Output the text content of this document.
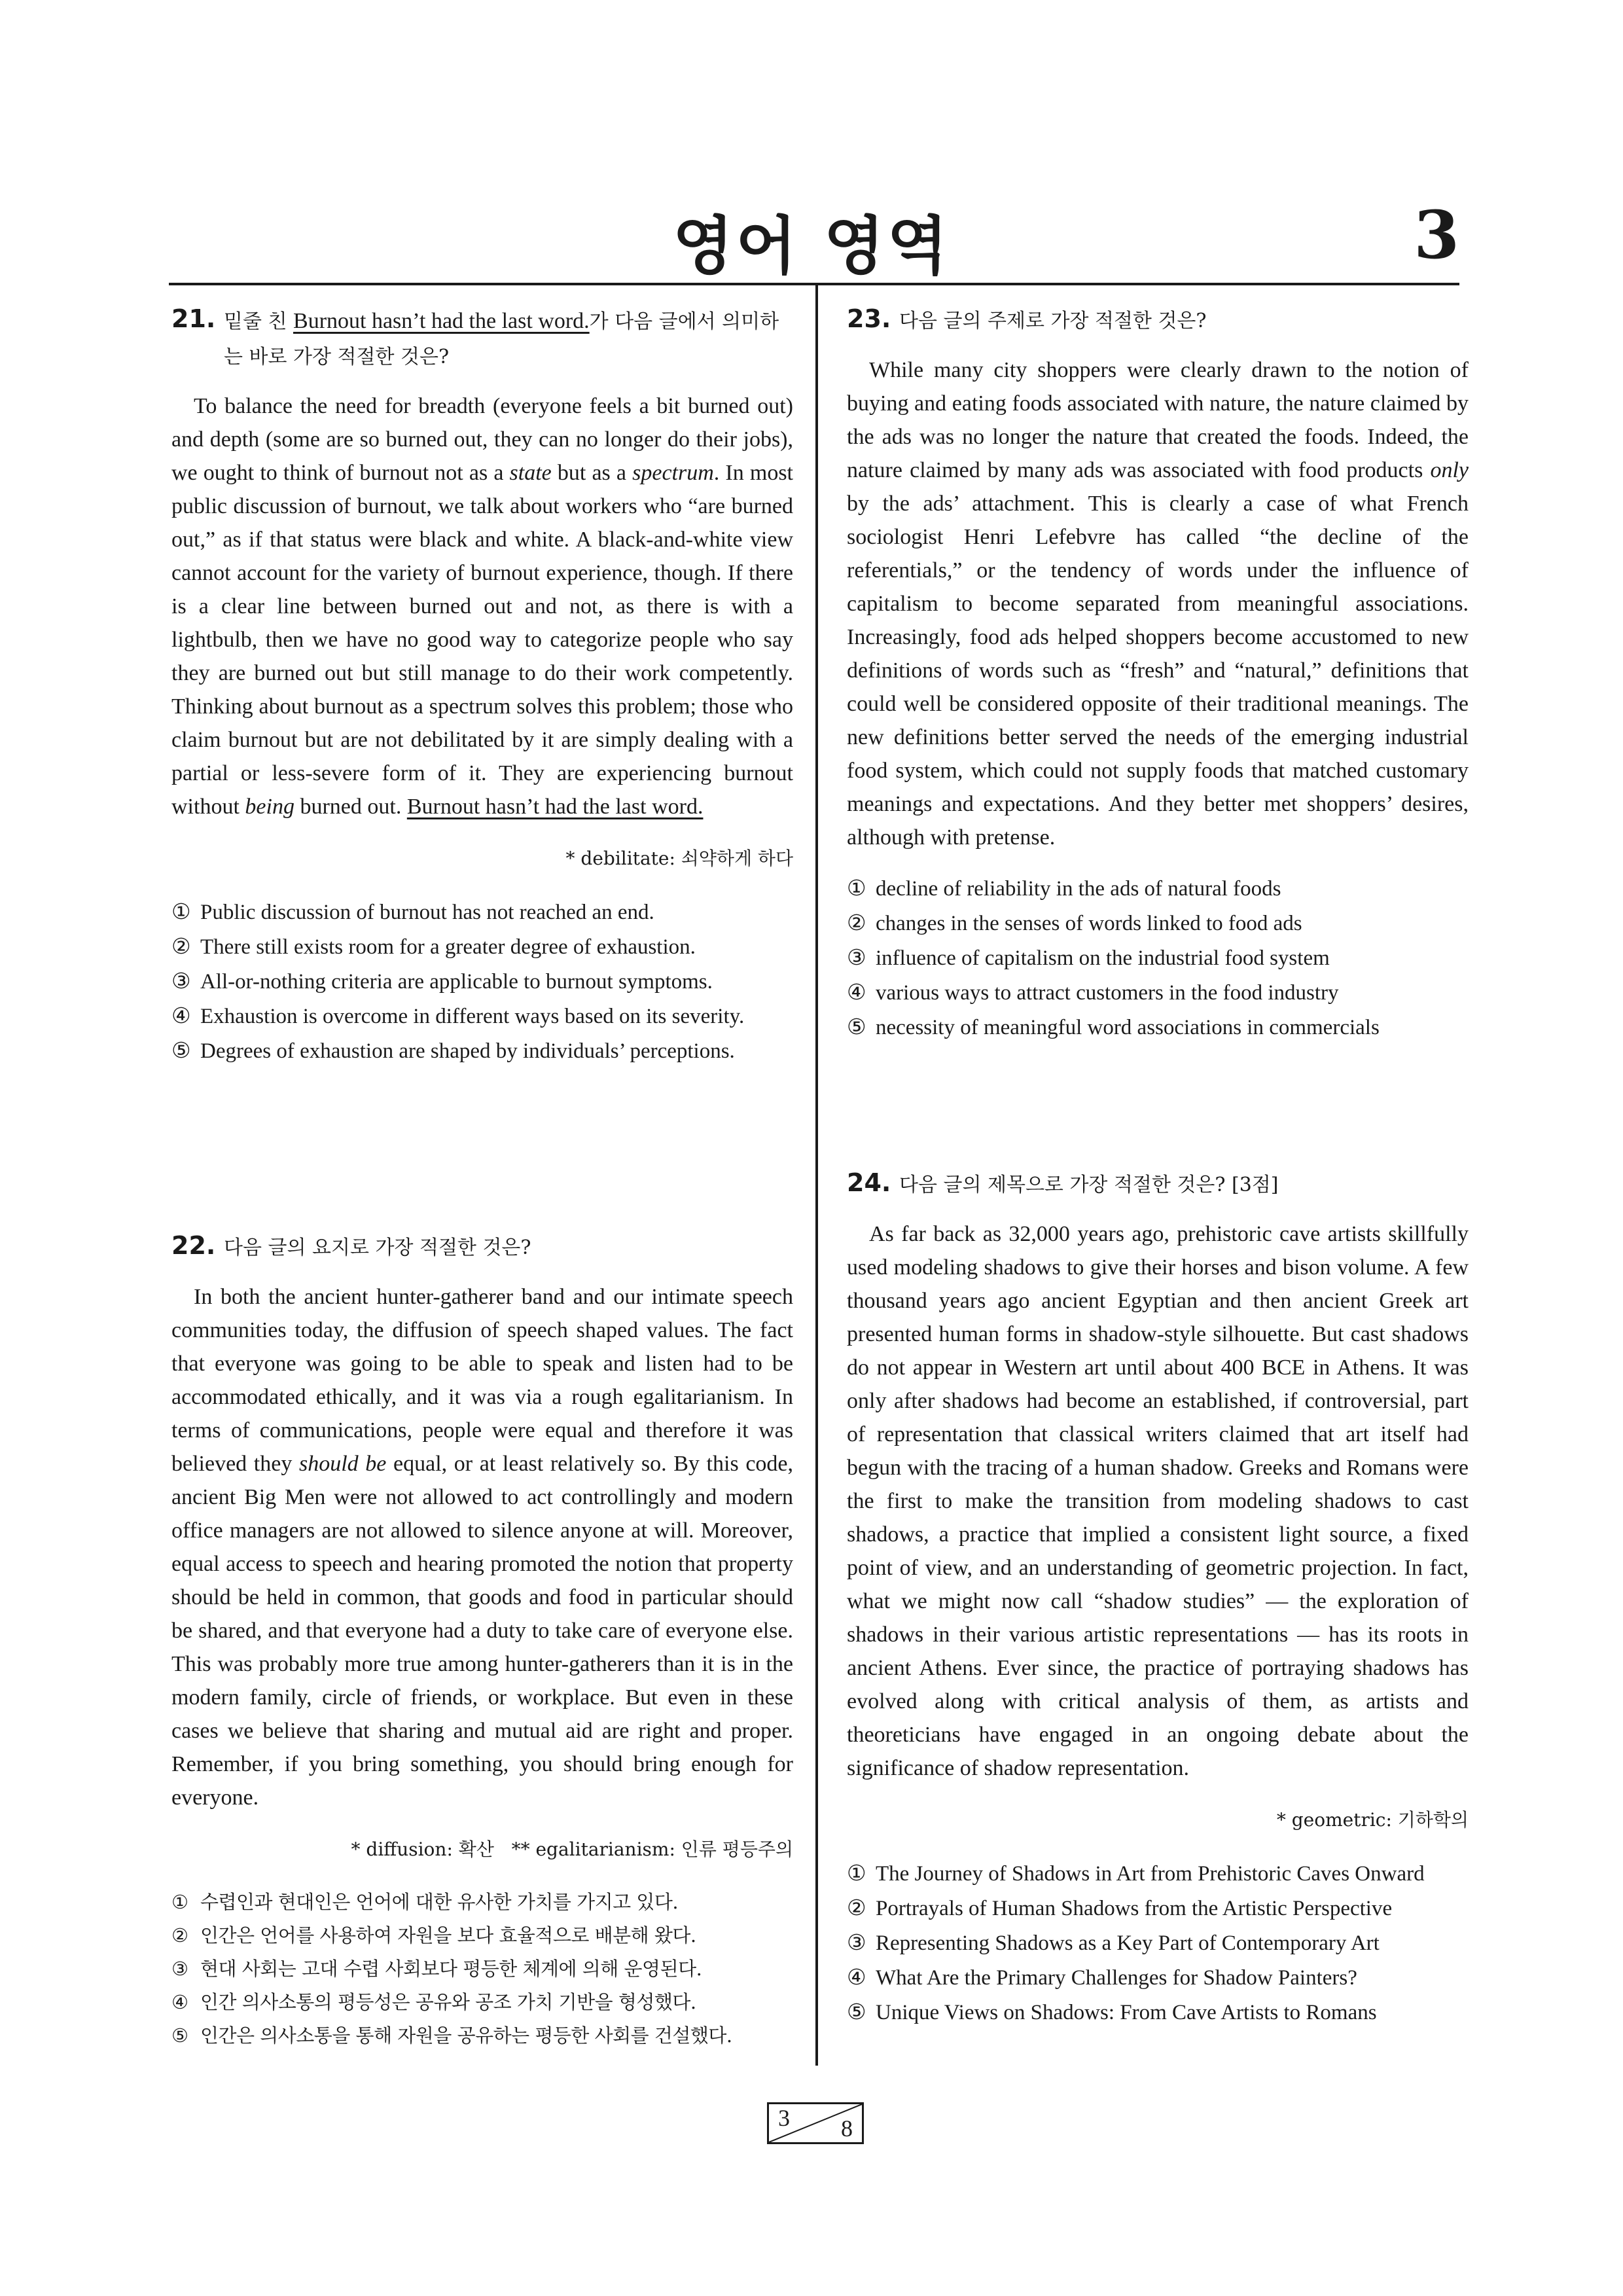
영어 영역	3
21. 밑줄 친 Burnout hasn’t had the last word.가 다음 글에서 의미하는 바로 가장 적절한 것은?
To balance the need for breadth (everyone feels a bit burned out) and depth (some are so burned out, they can no longer do their jobs), we ought to think of burnout not as a state but as a spectrum. In most public discussion of burnout, we talk about workers who “are burned out,” as if that status were black and white. A black-and-white view cannot account for the variety of burnout experience, though. If there is a clear line between burned out and not, as there is with a lightbulb, then we have no good way to categorize people who say they are burned out but still manage to do their work competently. Thinking about burnout as a spectrum solves this problem; those who claim burnout but are not debilitated by it are simply dealing with a partial or less-severe form of it. They are experiencing burnout without being burned out. Burnout hasn’t had the last word.
* debilitate: 쇠약하게 하다
① Public discussion of burnout has not reached an end.
② There still exists room for a greater degree of exhaustion.
③ All-or-nothing criteria are applicable to burnout symptoms.
④ Exhaustion is overcome in different ways based on its severity.
⑤ Degrees of exhaustion are shaped by individuals’ perceptions.
22. 다음 글의 요지로 가장 적절한 것은?
In both the ancient hunter-gatherer band and our intimate speech communities today, the diffusion of speech shaped values. The fact that everyone was going to be able to speak and listen had to be accommodated ethically, and it was via a rough egalitarianism. In terms of communications, people were equal and therefore it was believed they should be equal, or at least relatively so. By this code, ancient Big Men were not allowed to act controllingly and modern office managers are not allowed to silence anyone at will. Moreover, equal access to speech and hearing promoted the notion that property should be held in common, that goods and food in particular should be shared, and that everyone had a duty to take care of everyone else. This was probably more true among hunter-gatherers than it is in the modern family, circle of friends, or workplace. But even in these cases we believe that sharing and mutual aid are right and proper. Remember, if you bring something, you should bring enough for everyone.
* diffusion: 확산   ** egalitarianism: 인류 평등주의
① 수렵인과 현대인은 언어에 대한 유사한 가치를 가지고 있다.
② 인간은 언어를 사용하여 자원을 보다 효율적으로 배분해 왔다.
③ 현대 사회는 고대 수렵 사회보다 평등한 체계에 의해 운영된다.
④ 인간 의사소통의 평등성은 공유와 공조 가치 기반을 형성했다.
⑤ 인간은 의사소통을 통해 자원을 공유하는 평등한 사회를 건설했다.
23. 다음 글의 주제로 가장 적절한 것은?
While many city shoppers were clearly drawn to the notion of buying and eating foods associated with nature, the nature claimed by the ads was no longer the nature that created the foods. Indeed, the nature claimed by many ads was associated with food products only by the ads’ attachment. This is clearly a case of what French sociologist Henri Lefebvre has called “the decline of the referentials,” or the tendency of words under the influence of capitalism to become separated from meaningful associations. Increasingly, food ads helped shoppers become accustomed to new definitions of words such as “fresh” and “natural,” definitions that could well be considered opposite of their traditional meanings. The new definitions better served the needs of the emerging industrial food system, which could not supply foods that matched customary meanings and expectations. And they better met shoppers’ desires, although with pretense.
① decline of reliability in the ads of natural foods
② changes in the senses of words linked to food ads
③ influence of capitalism on the industrial food system
④ various ways to attract customers in the food industry
⑤ necessity of meaningful word associations in commercials
24. 다음 글의 제목으로 가장 적절한 것은? [3점]
As far back as 32,000 years ago, prehistoric cave artists skillfully used modeling shadows to give their horses and bison volume. A few thousand years ago ancient Egyptian and then ancient Greek art presented human forms in shadow-style silhouette. But cast shadows do not appear in Western art until about 400 BCE in Athens. It was only after shadows had become an established, if controversial, part of representation that classical writers claimed that art itself had begun with the tracing of a human shadow. Greeks and Romans were the first to make the transition from modeling shadows to cast shadows, a practice that implied a consistent light source, a fixed point of view, and an understanding of geometric projection. In fact, what we might now call “shadow studies” — the exploration of shadows in their various artistic representations — has its roots in ancient Athens. Ever since, the practice of portraying shadows has evolved along with critical analysis of them, as artists and theoreticians have engaged in an ongoing debate about the significance of shadow representation.
* geometric: 기하학의
① The Journey of Shadows in Art from Prehistoric Caves Onward
② Portrayals of Human Shadows from the Artistic Perspective
③ Representing Shadows as a Key Part of Contemporary Art
④ What Are the Primary Challenges for Shadow Painters?
⑤ Unique Views on Shadows: From Cave Artists to Romans
3 8
